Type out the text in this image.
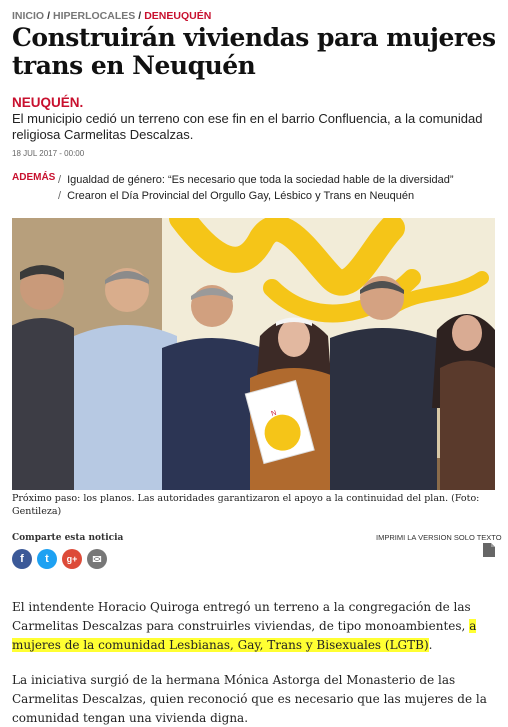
INICIO / HIPERLOCALES / DENEUQUÉN
Construirán viviendas para mujeres trans en Neuquén
NEUQUÉN.

El municipio cedió un terreno con ese fin en el barrio Confluencia, a la comunidad religiosa Carmelitas Descalzas.

18 JUL 2017 - 00:00
ADEMÁS / Igualdad de género: “Es necesario que toda la sociedad hable de la diversidad”
/ Crearon el Día Provincial del Orgullo Gay, Lésbico y Trans en Neuquén
N

Próximo paso: los planos. Las autoridades garantizaron el apoyo a la continuidad del plan. (Foto: Gentileza)

Comparte esta noticia	IMPRIMI LA VERSION SOLO TEXTO
f t g+ ✉

El intendente Horacio Quiroga entregó un terreno a la congregación de las Carmelitas Descalzas para construirles viviendas, de tipo monoambientes, a mujeres de la comunidad Lesbianas, Gay, Trans y Bisexuales (LGTB).

La iniciativa surgió de la hermana Mónica Astorga del Monasterio de las Carmelitas Descalzas, quien reconoció que es necesario que las mujeres de la comunidad tengan una vivienda digna.
